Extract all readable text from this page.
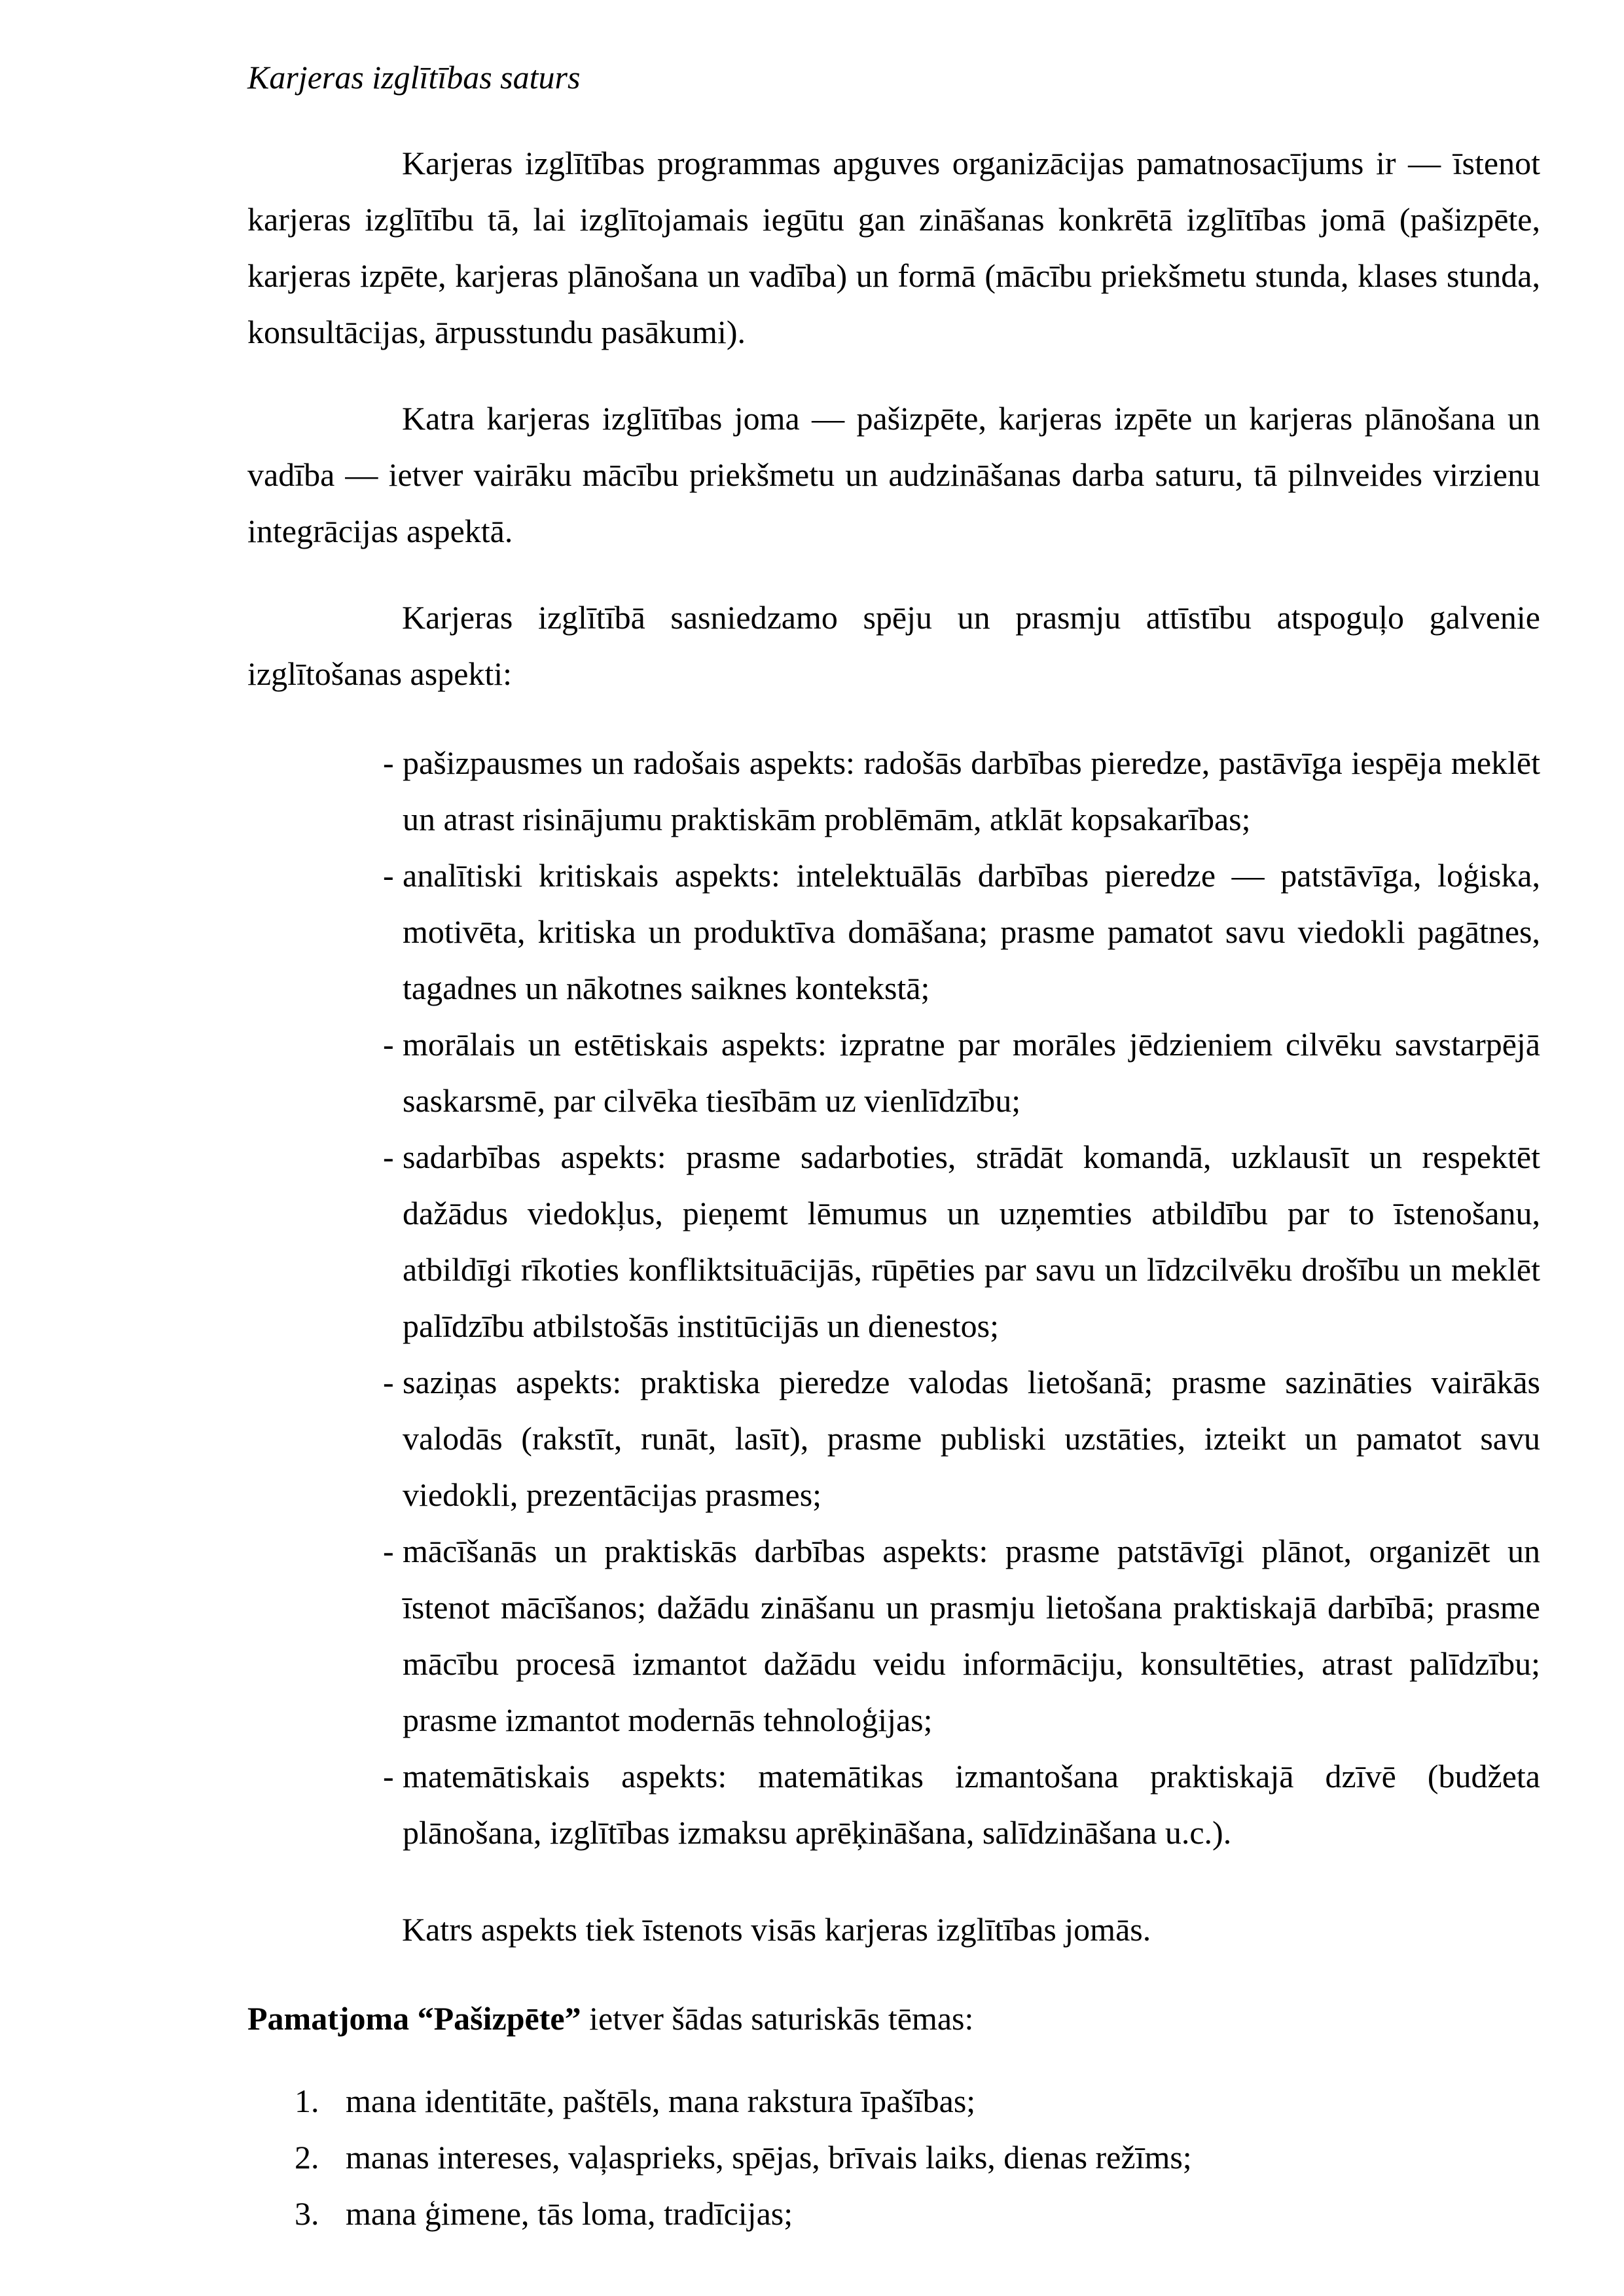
Karjeras izglītības saturs

Karjeras izglītības programmas apguves organizācijas pamatnosacījums ir — īstenot karjeras izglītību tā, lai izglītojamais iegūtu gan zināšanas konkrētā izglītības jomā (pašizpēte, karjeras izpēte, karjeras plānošana un vadība) un formā (mācību priekšmetu stunda, klases stunda, konsultācijas, ārpusstundu pasākumi).

Katra karjeras izglītības joma — pašizpēte, karjeras izpēte un karjeras plānošana un vadība — ietver vairāku mācību priekšmetu un audzināšanas darba saturu, tā pilnveides virzienu integrācijas aspektā.

Karjeras izglītībā sasniedzamo spēju un prasmju attīstību atspoguļo galvenie izglītošanas aspekti:

- pašizpausmes un radošais aspekts: radošās darbības pieredze, pastāvīga iespēja meklēt un atrast risinājumu praktiskām problēmām, atklāt kopsakarības;
- analītiski kritiskais aspekts: intelektuālās darbības pieredze — patstāvīga, loģiska, motivēta, kritiska un produktīva domāšana; prasme pamatot savu viedokli pagātnes, tagadnes un nākotnes saiknes kontekstā;
- morālais un estētiskais aspekts: izpratne par morāles jēdzieniem cilvēku savstarpējā saskarsmē, par cilvēka tiesībām uz vienlīdzību;
- sadarbības aspekts: prasme sadarboties, strādāt komandā, uzklausīt un respektēt dažādus viedokļus, pieņemt lēmumus un uzņemties atbildību par to īstenošanu, atbildīgi rīkoties konfliktsituācijās, rūpēties par savu un līdzcilvēku drošību un meklēt palīdzību atbilstošās institūcijās un dienestos;
- saziņas aspekts: praktiska pieredze valodas lietošanā; prasme sazināties vairākās valodās (rakstīt, runāt, lasīt), prasme publiski uzstāties, izteikt un pamatot savu viedokli, prezentācijas prasmes;
- mācīšanās un praktiskās darbības aspekts: prasme patstāvīgi plānot, organizēt un īstenot mācīšanos; dažādu zināšanu un prasmju lietošana praktiskajā darbībā; prasme mācību procesā izmantot dažādu veidu informāciju, konsultēties, atrast palīdzību; prasme izmantot modernās tehnoloģijas;
- matemātiskais aspekts: matemātikas izmantošana praktiskajā dzīvē (budžeta plānošana, izglītības izmaksu aprēķināšana, salīdzināšana u.c.).

Katrs aspekts tiek īstenots visās karjeras izglītības jomās.

Pamatjoma “Pašizpēte” ietver šādas saturiskās tēmas:

1. mana identitāte, paštēls, mana rakstura īpašības;
2. manas intereses, vaļasprieks, spējas, brīvais laiks, dienas režīms;
3. mana ģimene, tās loma, tradīcijas;
